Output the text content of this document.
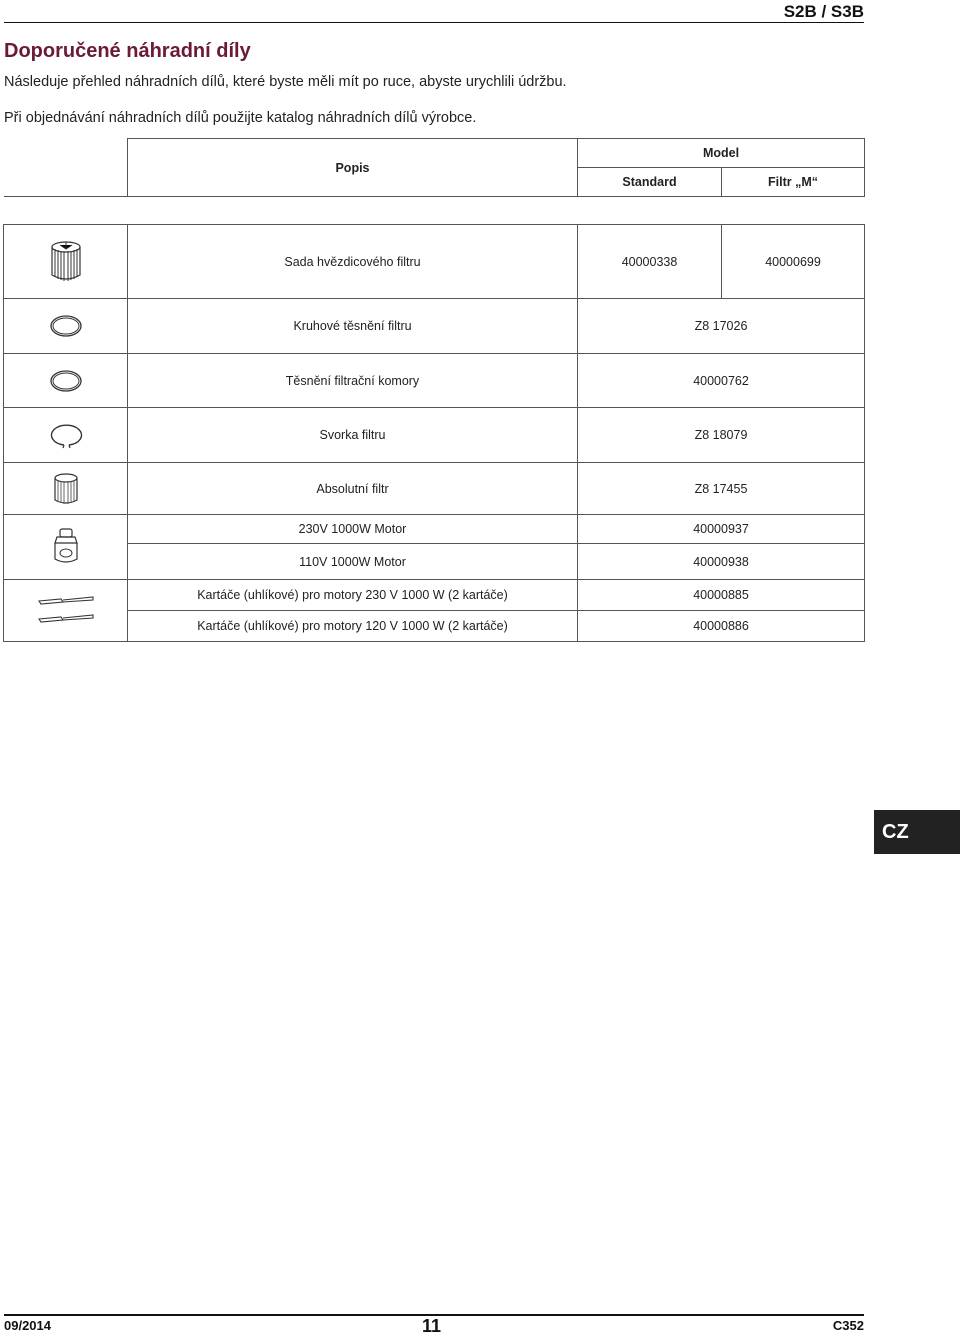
S2B / S3B
Doporučené náhradní díly

Následuje přehled náhradních dílů, které byste měli mít po ruce, abyste urychlili údržbu.

Při objednávání náhradních dílů použijte katalog náhradních dílů výrobce.

	Popis	Model	
		Standard	Filtr „M“

	Sada hvězdicového filtru	40000338	40000699

	Kruhové těsnění filtru	Z8 17026	

	Těsnění filtrační komory	40000762	

	Svorka filtru	Z8 18079	

	Absolutní filtr	Z8 17455	

	230V 1000W Motor	40000937	
	110V 1000W Motor	40000938	

	Kartáče (uhlíkové) pro motory 230 V 1000 W (2 kartáče)	40000885	
	Kartáče (uhlíkové) pro motory 120 V 1000 W (2 kartáče)	40000886	
CZ
09/2014	11	C352
